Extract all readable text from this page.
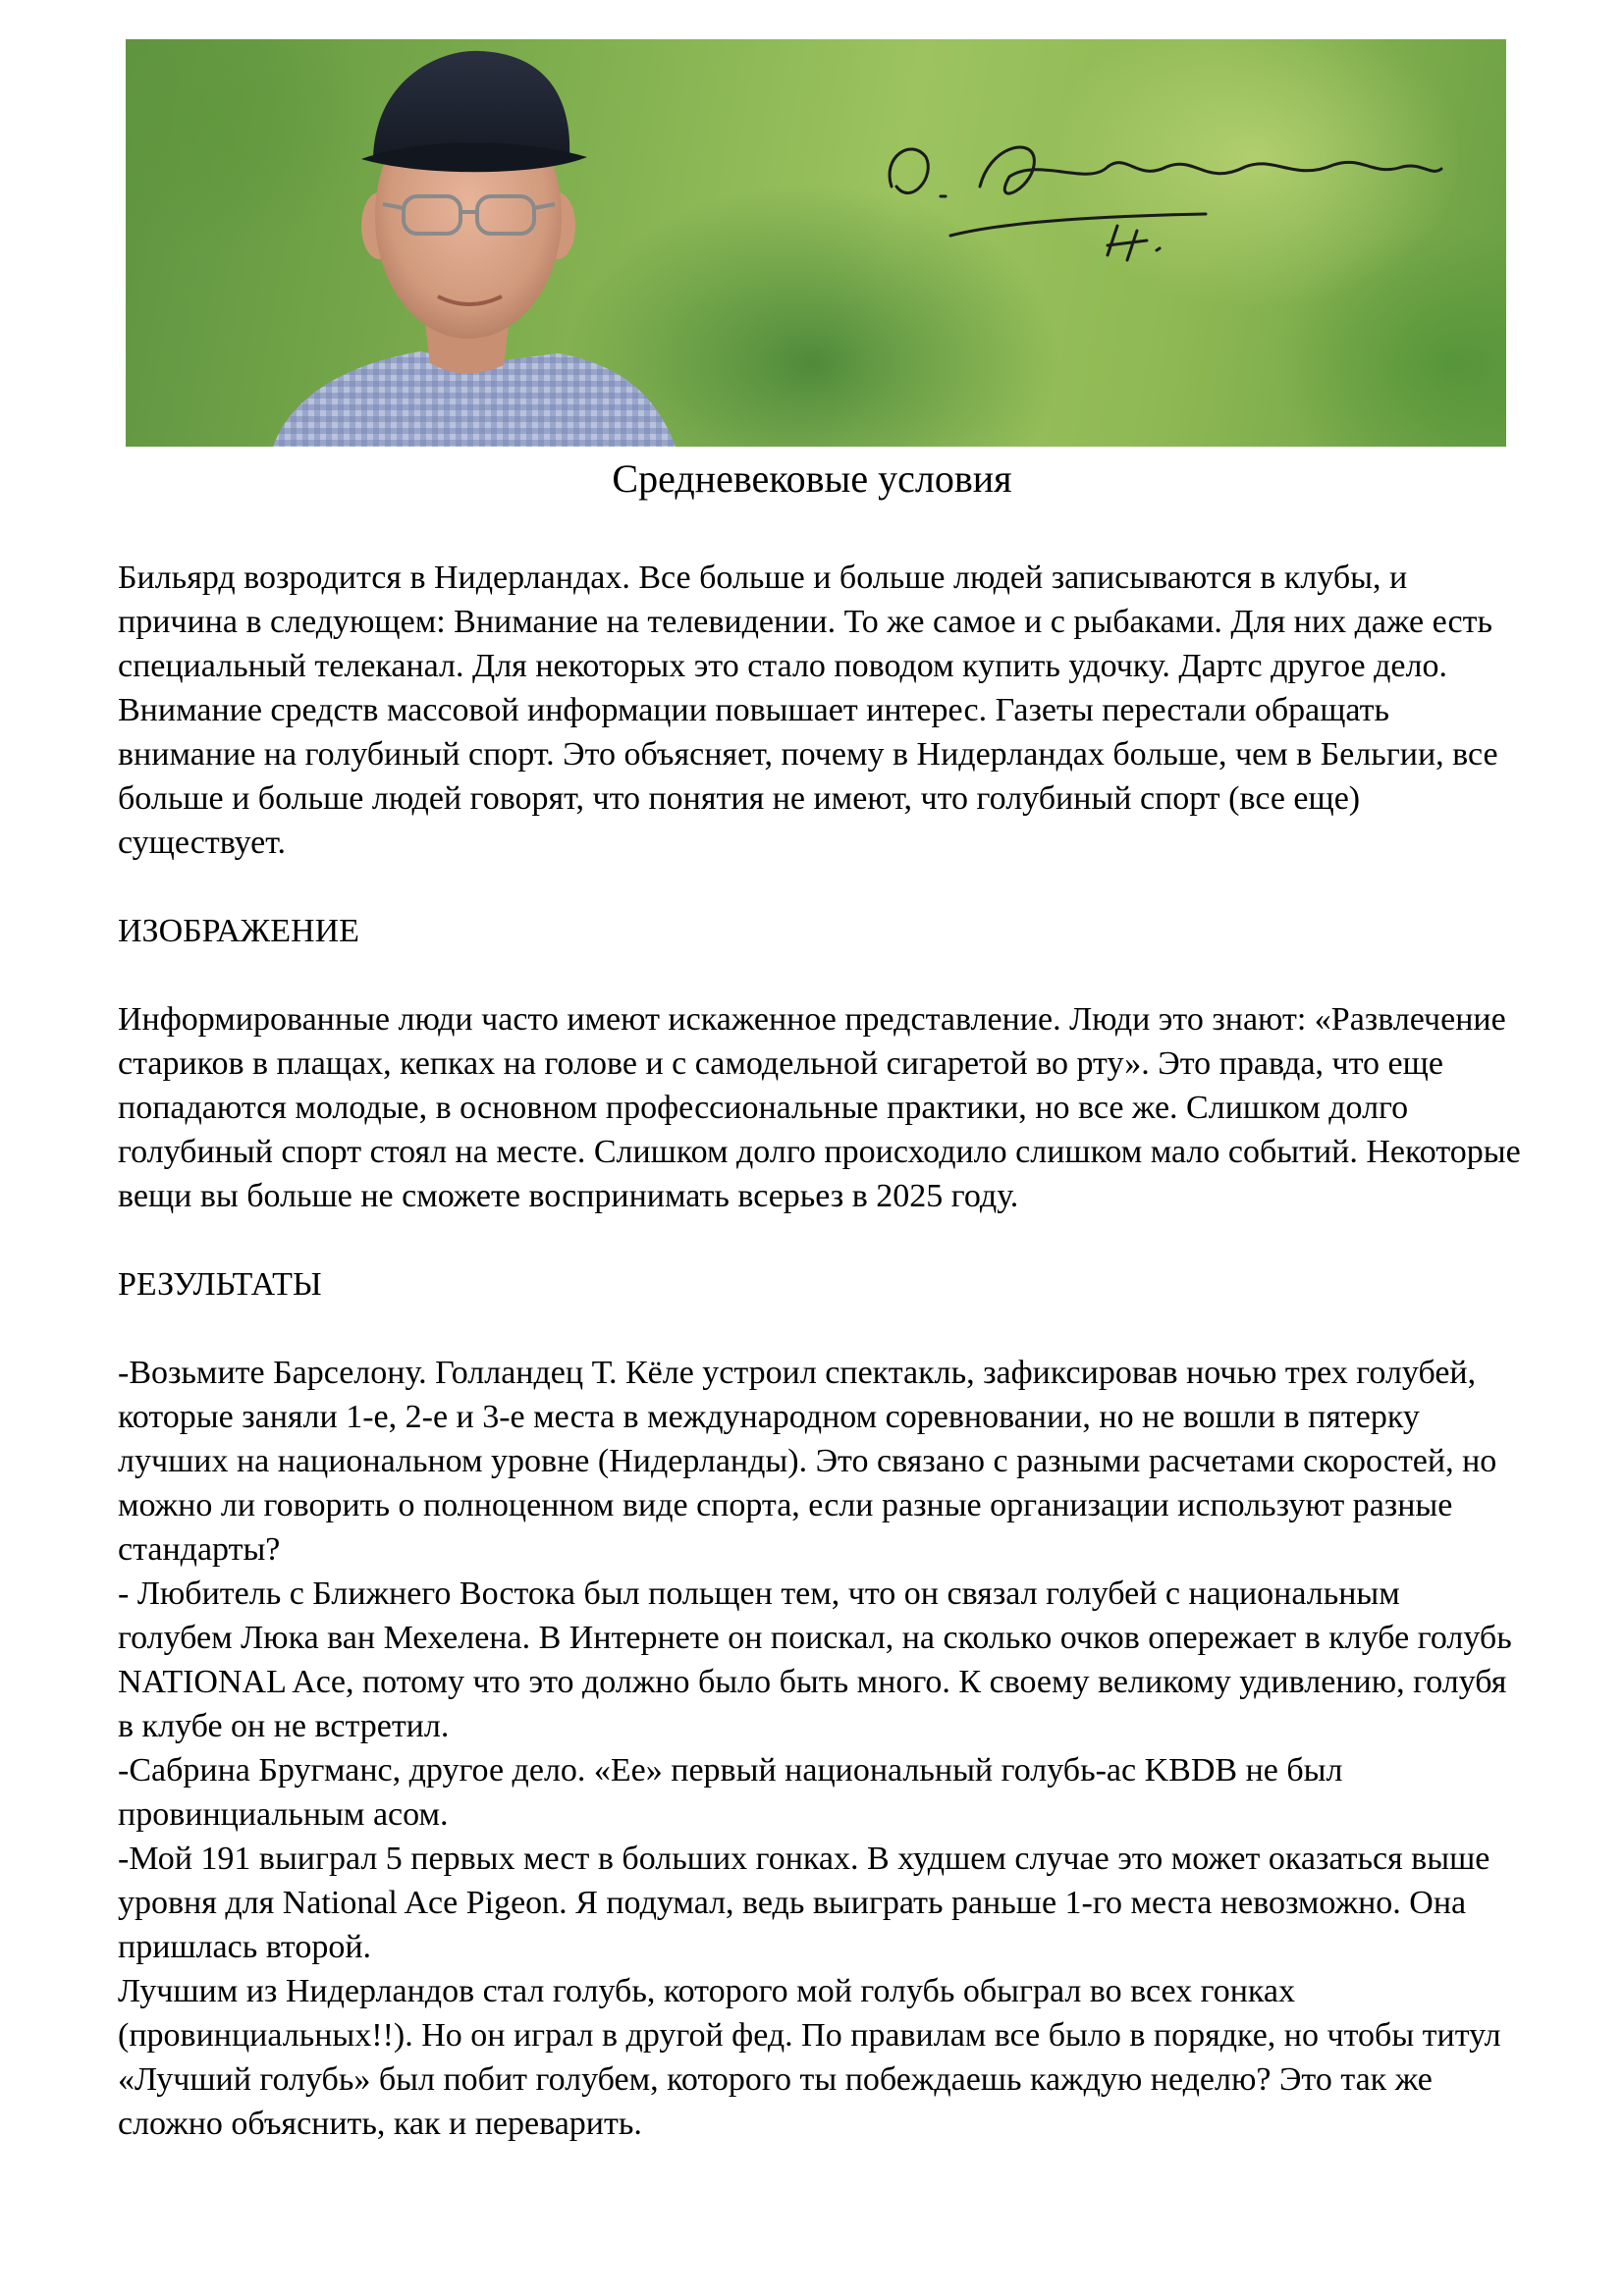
Средневековые условия

Бильярд возродится в Нидерландах. Все больше и больше людей записываются в клубы, и причина в следующем: Внимание на телевидении. То же самое и с рыбаками. Для них даже есть специальный телеканал. Для некоторых это стало поводом купить удочку. Дартс другое дело. Внимание средств массовой информации повышает интерес. Газеты перестали обращать внимание на голубиный спорт. Это объясняет, почему в Нидерландах больше, чем в Бельгии, все больше и больше людей говорят, что понятия не имеют, что голубиный спорт (все еще) существует.

ИЗОБРАЖЕНИЕ

Информированные люди часто имеют искаженное представление. Люди это знают: «Развлечение стариков в плащах, кепках на голове и с самодельной сигаретой во рту». Это правда, что еще попадаются молодые, в основном профессиональные практики, но все же. Слишком долго голубиный спорт стоял на месте. Слишком долго происходило слишком мало событий. Некоторые вещи вы больше не сможете воспринимать всерьез в 2025 году.

РЕЗУЛЬТАТЫ

-Возьмите Барселону. Голландец Т. Кёле устроил спектакль, зафиксировав ночью трех голубей, которые заняли 1-е, 2-е и 3-е места в международном соревновании, но не вошли в пятерку лучших на национальном уровне (Нидерланды). Это связано с разными расчетами скоростей, но можно ли говорить о полноценном виде спорта, если разные организации используют разные стандарты?

- Любитель с Ближнего Востока был польщен тем, что он связал голубей с национальным голубем Люка ван Мехелена. В Интернете он поискал, на сколько очков опережает в клубе голубь NATIONAL Ace, потому что это должно было быть много. К своему великому удивлению, голубя в клубе он не встретил.

-Сабрина Бругманс, другое дело. «Ее» первый национальный голубь-ас KBDB не был провинциальным асом.

-Мой 191 выиграл 5 первых мест в больших гонках. В худшем случае это может оказаться выше уровня для National Ace Pigeon. Я подумал, ведь выиграть раньше 1-го места невозможно. Она пришлась второй.

Лучшим из Нидерландов стал голубь, которого мой голубь обыграл во всех гонках (провинциальных!!). Но он играл в другой фед. По правилам все было в порядке, но чтобы титул «Лучший голубь» был побит голубем, которого ты побеждаешь каждую неделю? Это так же сложно объяснить, как и переварить.
